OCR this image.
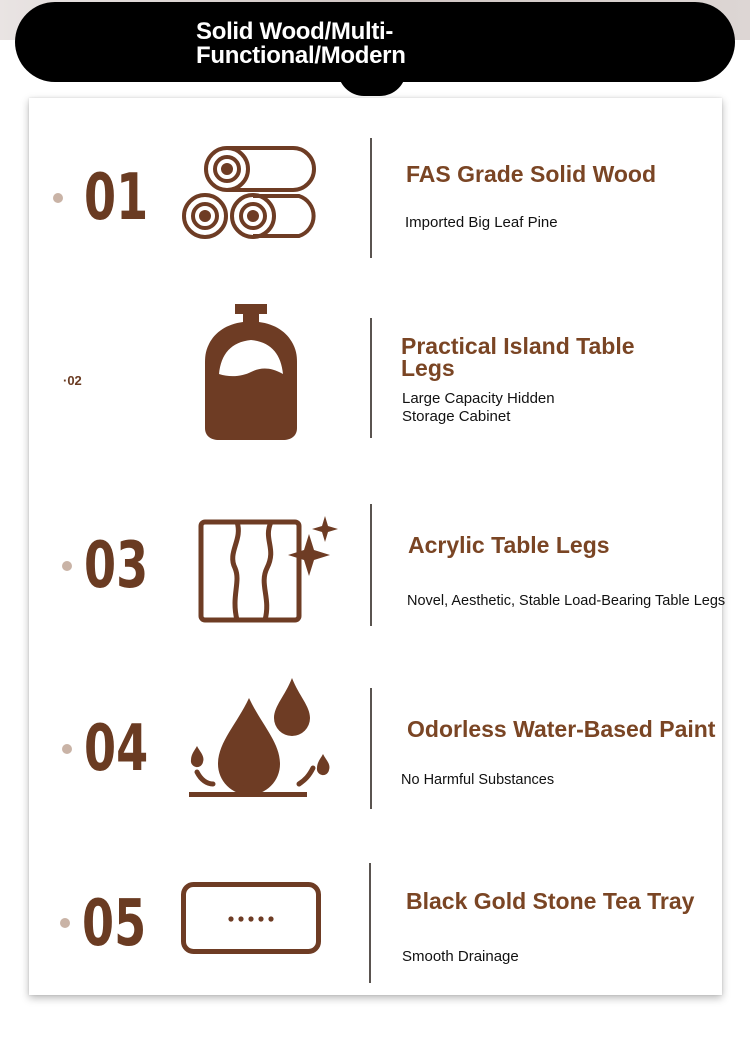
Solid Wood/Multi-Functional/Modern
01	FAS Grade Solid Wood

Imported Big Leaf Pine

·02
Practical Island Table Legs

Large Capacity Hidden Storage Cabinet

03	Acrylic Table Legs

Novel, Aesthetic, Stable Load-Bearing Table Legs

04	Odorless Water-Based Paint

No Harmful Substances

05	Black Gold Stone Tea Tray

Smooth Drainage
